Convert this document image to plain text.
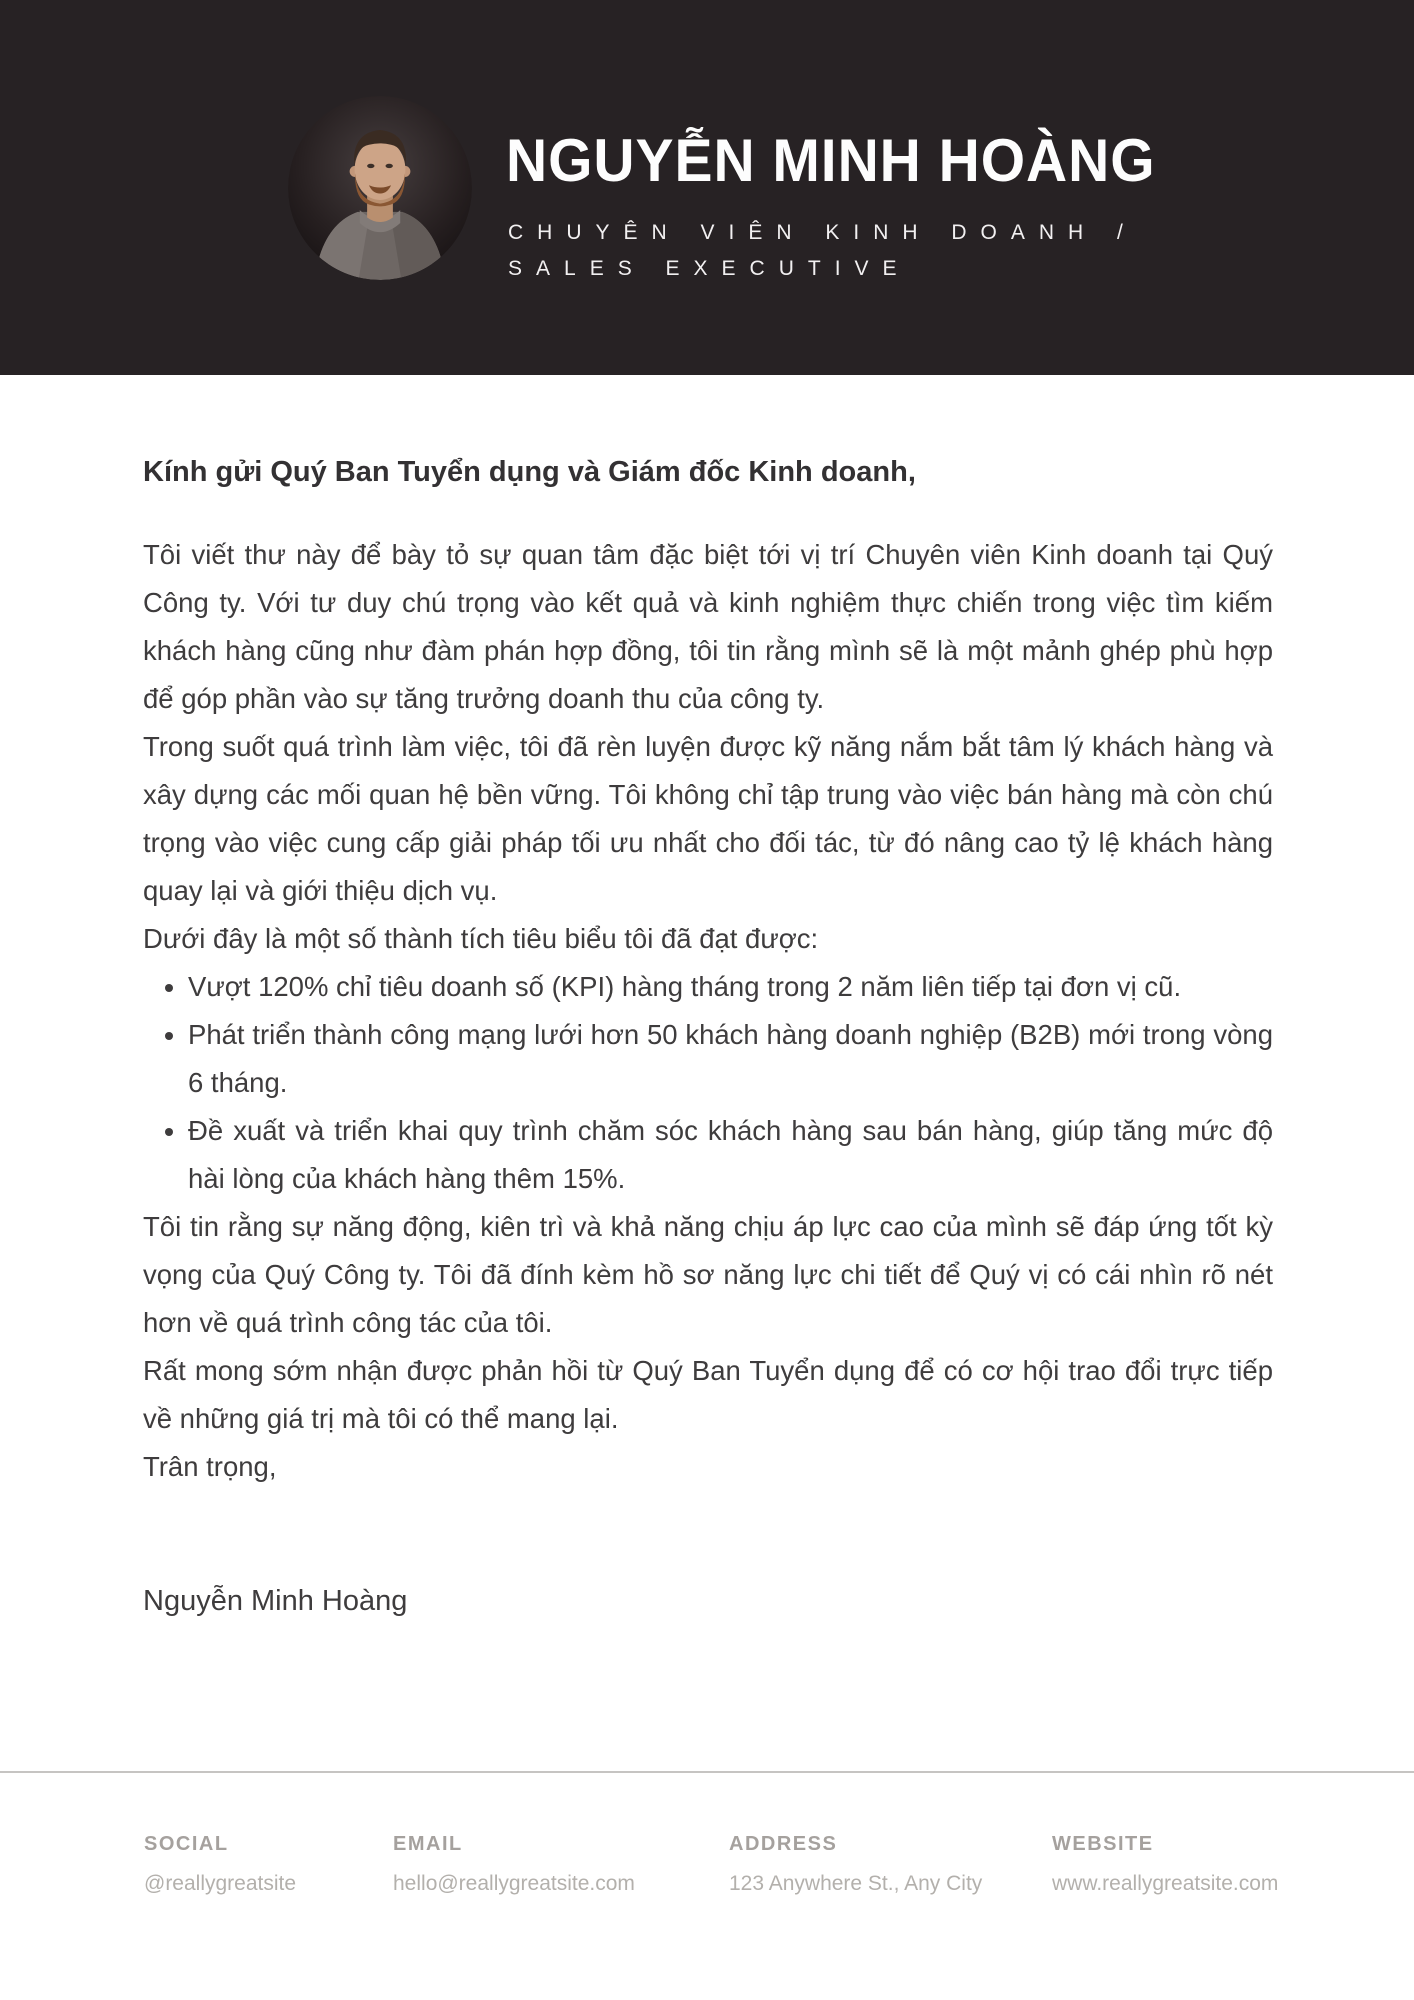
NGUYỄN MINH HOÀNG
CHUYÊN VIÊN KINH DOANH /
SALES EXECUTIVE

Kính gửi Quý Ban Tuyển dụng và Giám đốc Kinh doanh,

Tôi viết thư này để bày tỏ sự quan tâm đặc biệt tới vị trí Chuyên viên Kinh doanh tại Quý Công ty. Với tư duy chú trọng vào kết quả và kinh nghiệm thực chiến trong việc tìm kiếm khách hàng cũng như đàm phán hợp đồng, tôi tin rằng mình sẽ là một mảnh ghép phù hợp để góp phần vào sự tăng trưởng doanh thu của công ty.

Trong suốt quá trình làm việc, tôi đã rèn luyện được kỹ năng nắm bắt tâm lý khách hàng và xây dựng các mối quan hệ bền vững. Tôi không chỉ tập trung vào việc bán hàng mà còn chú trọng vào việc cung cấp giải pháp tối ưu nhất cho đối tác, từ đó nâng cao tỷ lệ khách hàng quay lại và giới thiệu dịch vụ.

Dưới đây là một số thành tích tiêu biểu tôi đã đạt được:

• Vượt 120% chỉ tiêu doanh số (KPI) hàng tháng trong 2 năm liên tiếp tại đơn vị cũ.
• Phát triển thành công mạng lưới hơn 50 khách hàng doanh nghiệp (B2B) mới trong vòng 6 tháng.
• Đề xuất và triển khai quy trình chăm sóc khách hàng sau bán hàng, giúp tăng mức độ hài lòng của khách hàng thêm 15%.

Tôi tin rằng sự năng động, kiên trì và khả năng chịu áp lực cao của mình sẽ đáp ứng tốt kỳ vọng của Quý Công ty. Tôi đã đính kèm hồ sơ năng lực chi tiết để Quý vị có cái nhìn rõ nét hơn về quá trình công tác của tôi.

Rất mong sớm nhận được phản hồi từ Quý Ban Tuyển dụng để có cơ hội trao đổi trực tiếp về những giá trị mà tôi có thể mang lại.

Trân trọng,

Nguyễn Minh Hoàng

SOCIAL
@reallygreatsite
EMAIL
hello@reallygreatsite.com
ADDRESS
123 Anywhere St., Any City
WEBSITE
www.reallygreatsite.com
